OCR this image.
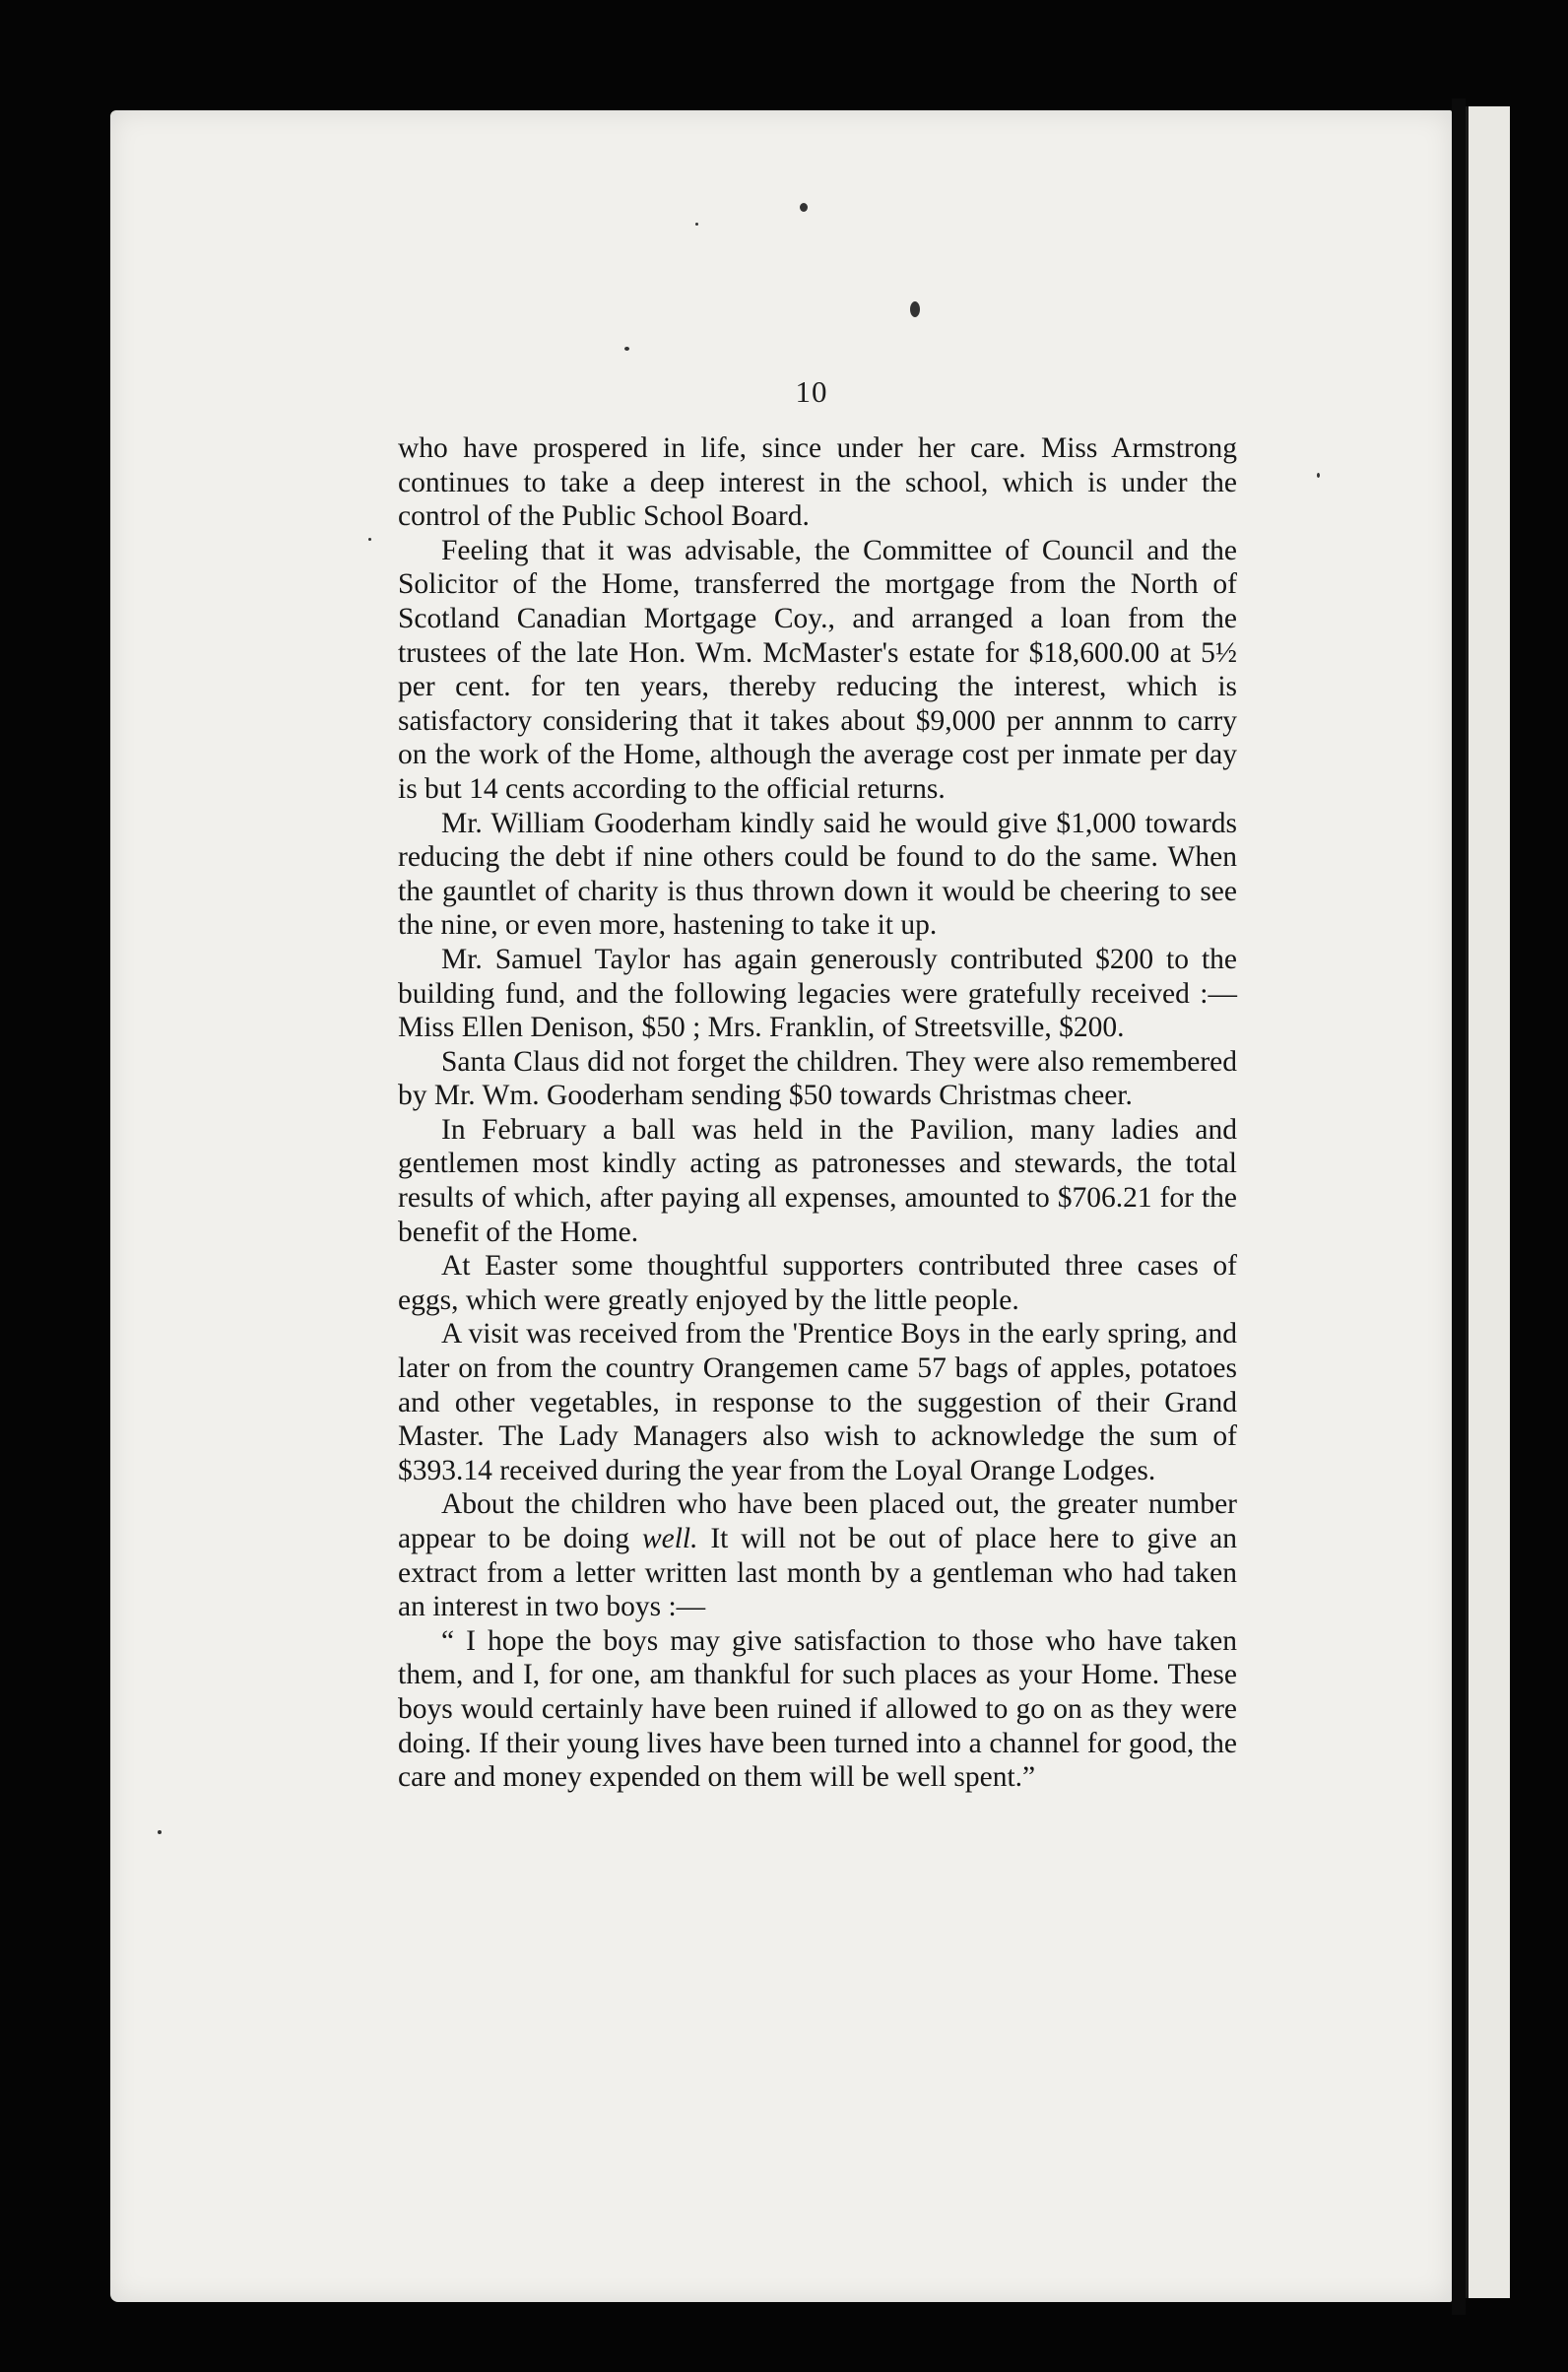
10

who have prospered in life, since under her care. Miss Armstrong continues to take a deep interest in the school, which is under the control of the Public School Board.

Feeling that it was advisable, the Committee of Council and the Solicitor of the Home, transferred the mortgage from the North of Scotland Canadian Mortgage Coy., and arranged a loan from the trustees of the late Hon. Wm. McMaster's estate for $18,600.00 at 5½ per cent. for ten years, thereby reducing the interest, which is satisfactory considering that it takes about $9,000 per annnm to carry on the work of the Home, although the average cost per inmate per day is but 14 cents according to the official returns.

Mr. William Gooderham kindly said he would give $1,000 towards reducing the debt if nine others could be found to do the same. When the gauntlet of charity is thus thrown down it would be cheering to see the nine, or even more, hastening to take it up.

Mr. Samuel Taylor has again generously contributed $200 to the building fund, and the following legacies were gratefully received :—Miss Ellen Denison, $50 ; Mrs. Franklin, of Streetsville, $200.

Santa Claus did not forget the children. They were also remembered by Mr. Wm. Gooderham sending $50 towards Christmas cheer.

In February a ball was held in the Pavilion, many ladies and gentlemen most kindly acting as patronesses and stewards, the total results of which, after paying all expenses, amounted to $706.21 for the benefit of the Home.

At Easter some thoughtful supporters contributed three cases of eggs, which were greatly enjoyed by the little people.

A visit was received from the 'Prentice Boys in the early spring, and later on from the country Orangemen came 57 bags of apples, potatoes and other vegetables, in response to the suggestion of their Grand Master. The Lady Managers also wish to acknowledge the sum of $393.14 received during the year from the Loyal Orange Lodges.

About the children who have been placed out, the greater number appear to be doing well. It will not be out of place here to give an extract from a letter written last month by a gentleman who had taken an interest in two boys :—

“ I hope the boys may give satisfaction to those who have taken them, and I, for one, am thankful for such places as your Home. These boys would certainly have been ruined if allowed to go on as they were doing. If their young lives have been turned into a channel for good, the care and money expended on them will be well spent.”
